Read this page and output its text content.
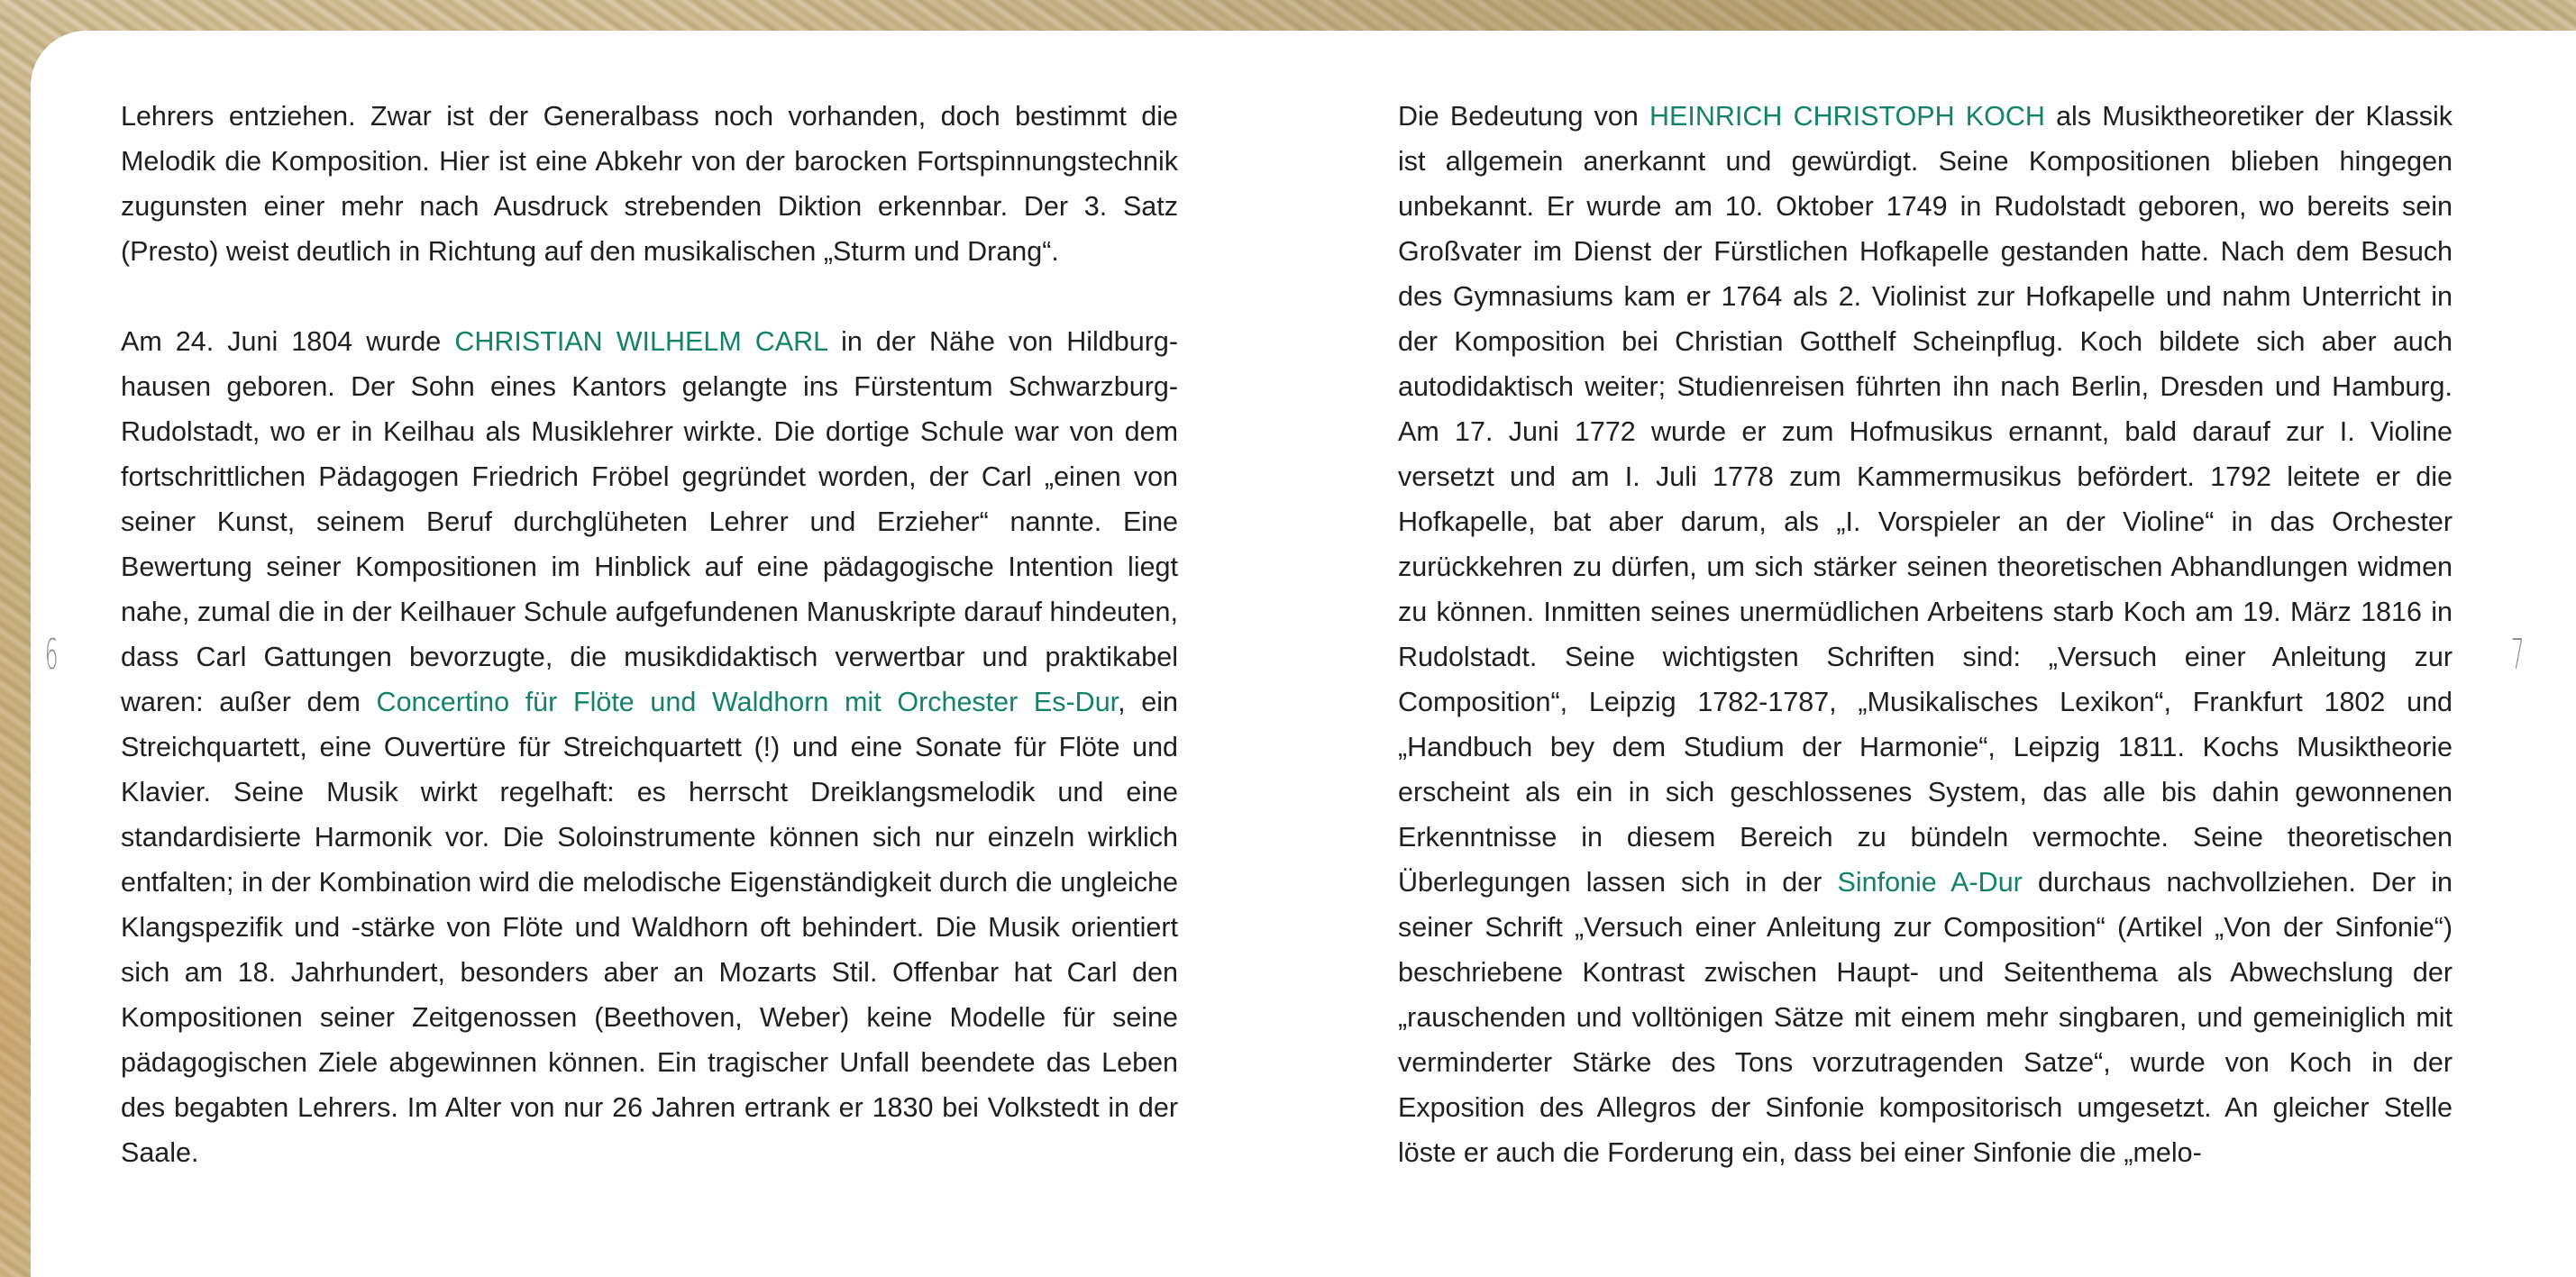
Lehrers entziehen. Zwar ist der Generalbass noch vorhanden, doch bestimmt die Melodik die Komposition. Hier ist eine Abkehr von der barocken Fortspinnungstechnik zugunsten einer mehr nach Ausdruck strebenden Diktion erkennbar. Der 3. Satz (Presto) weist deutlich in Richtung auf den musikalischen „Sturm und Drang“.

Am 24. Juni 1804 wurde CHRISTIAN WILHELM CARL in der Nähe von Hildburghausen geboren. Der Sohn eines Kantors gelangte ins Fürstentum Schwarzburg-Rudolstadt, wo er in Keilhau als Musiklehrer wirkte. Die dortige Schule war von dem fortschrittlichen Pädagogen Friedrich Fröbel gegründet worden, der Carl „einen von seiner Kunst, seinem Beruf durchglüheten Lehrer und Erzieher“ nannte. Eine Bewertung seiner Kompositionen im Hinblick auf eine pädagogische Intention liegt nahe, zumal die in der Keilhauer Schule aufgefundenen Manuskripte darauf hindeuten, dass Carl Gattungen bevorzugte, die musikdidaktisch verwertbar und praktikabel waren: außer dem Concertino für Flöte und Waldhorn mit Orchester Es-Dur, ein Streichquartett, eine Ouvertüre für Streichquartett (!) und eine Sonate für Flöte und Klavier. Seine Musik wirkt regelhaft: es herrscht Dreiklangsmelodik und eine standardisierte Harmonik vor. Die Soloinstrumente können sich nur einzeln wirklich entfalten; in der Kombination wird die melodische Eigenständigkeit durch die ungleiche Klangspezifik und -stärke von Flöte und Waldhorn oft behindert. Die Musik orientiert sich am 18. Jahrhundert, besonders aber an Mozarts Stil. Offenbar hat Carl den Kompositionen seiner Zeitgenossen (Beethoven, Weber) keine Modelle für seine pädagogischen Ziele abgewinnen können. Ein tragischer Unfall beendete das Leben des begabten Lehrers. Im Alter von nur 26 Jahren ertrank er 1830 bei Volkstedt in der Saale.

Die Bedeutung von HEINRICH CHRISTOPH KOCH als Musiktheoretiker der Klassik ist allgemein anerkannt und gewürdigt. Seine Kompositionen blieben hingegen unbekannt. Er wurde am 10. Oktober 1749 in Rudolstadt geboren, wo bereits sein Großvater im Dienst der Fürstlichen Hofkapelle gestanden hatte. Nach dem Besuch des Gymnasiums kam er 1764 als 2. Violinist zur Hofkapelle und nahm Unterricht in der Komposition bei Christian Gotthelf Scheinpflug. Koch bildete sich aber auch autodidaktisch weiter; Studienreisen führten ihn nach Berlin, Dresden und Hamburg. Am 17. Juni 1772 wurde er zum Hofmusikus ernannt, bald darauf zur I. Violine versetzt und am I. Juli 1778 zum Kammermusikus befördert. 1792 leitete er die Hofkapelle, bat aber darum, als „I. Vorspieler an der Violine“ in das Orchester zurückkehren zu dürfen, um sich stärker seinen theoretischen Abhandlungen widmen zu können. Inmitten seines unermüdlichen Arbeitens starb Koch am 19. März 1816 in Rudolstadt. Seine wichtigsten Schriften sind: „Versuch einer Anleitung zur Composition“, Leipzig 1782-1787, „Musikalisches Lexikon“, Frankfurt 1802 und „Handbuch bey dem Studium der Harmonie“, Leipzig 1811. Kochs Musiktheorie erscheint als ein in sich geschlossenes System, das alle bis dahin gewonnenen Erkenntnisse in diesem Bereich zu bündeln vermochte. Seine theoretischen Überlegungen lassen sich in der Sinfonie A-Dur durchaus nachvollziehen. Der in seiner Schrift „Versuch einer Anleitung zur Composition“ (Artikel „Von der Sinfonie“) beschriebene Kontrast zwischen Haupt- und Seitenthema als Abwechslung der „rauschenden und volltönigen Sätze mit einem mehr singbaren, und gemeiniglich mit verminderter Stärke des Tons vorzutragenden Satze“, wurde von Koch in der Exposition des Allegros der Sinfonie kompositorisch umgesetzt. An gleicher Stelle löste er auch die Forderung ein, dass bei einer Sinfonie die „melo-

6	7
